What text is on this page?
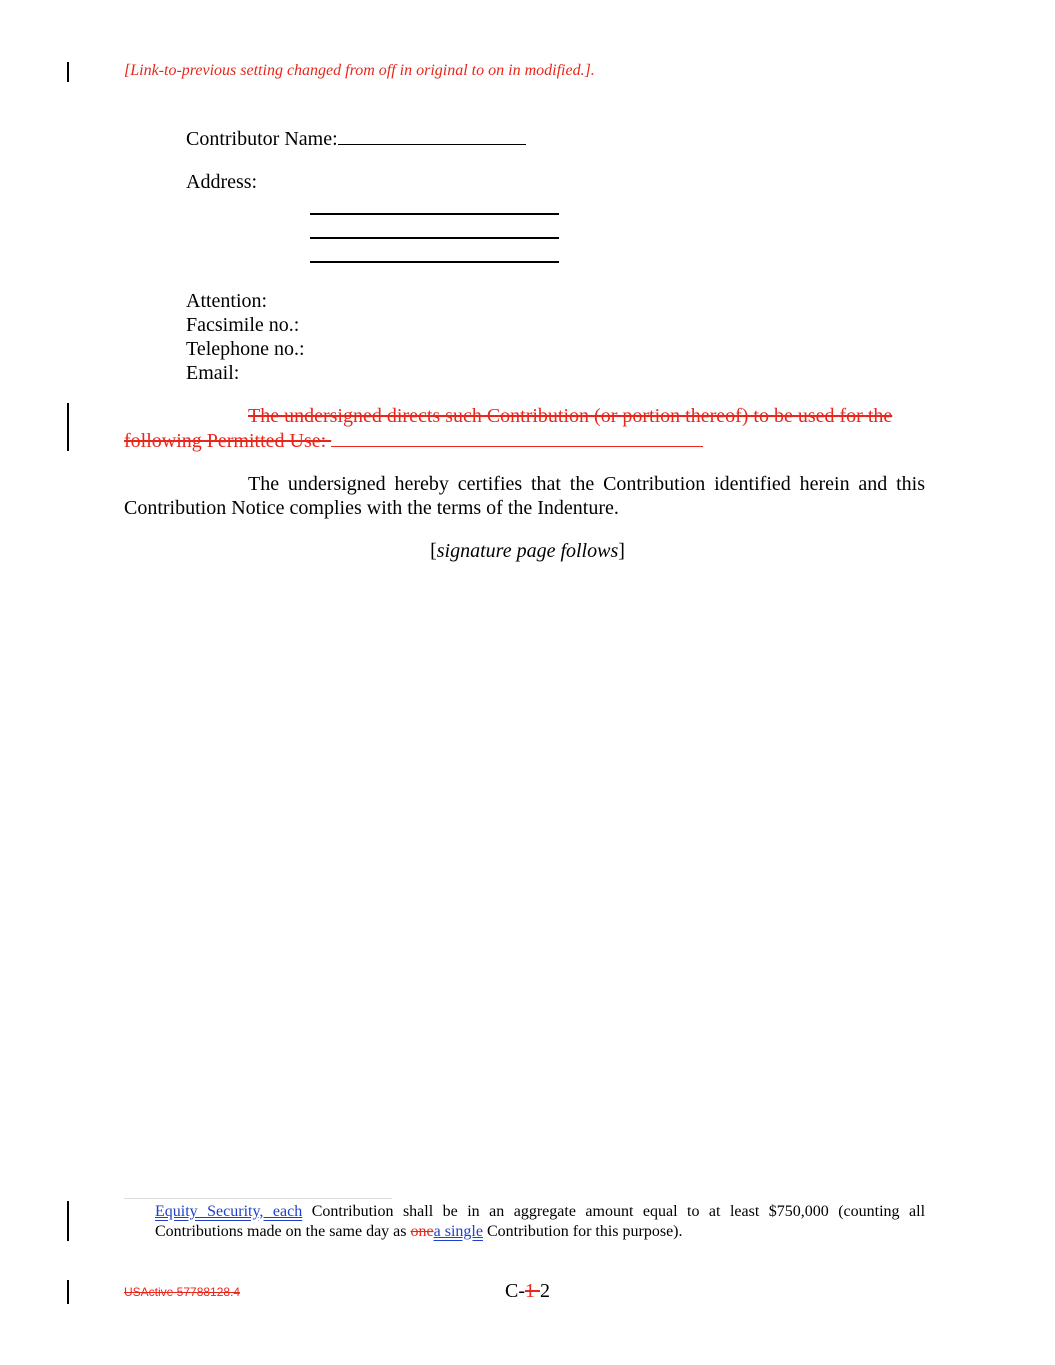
[Link-to-previous setting changed from off in original to on in modified.].
Contributor Name:
Address:
Attention:
Facsimile no.:
Telephone no.:
Email:
The undersigned directs such Contribution (or portion thereof) to be used for the
following Permitted Use:
The undersigned hereby certifies that the Contribution identified herein and this
Contribution Notice complies with the terms of the Indenture.
[signature page follows]
Equity Security, each Contribution shall be in an aggregate amount equal to at least $750,000 (counting all Contributions made on the same day as onea single Contribution for this purpose).
USActive 57788128.4	C-1 2
